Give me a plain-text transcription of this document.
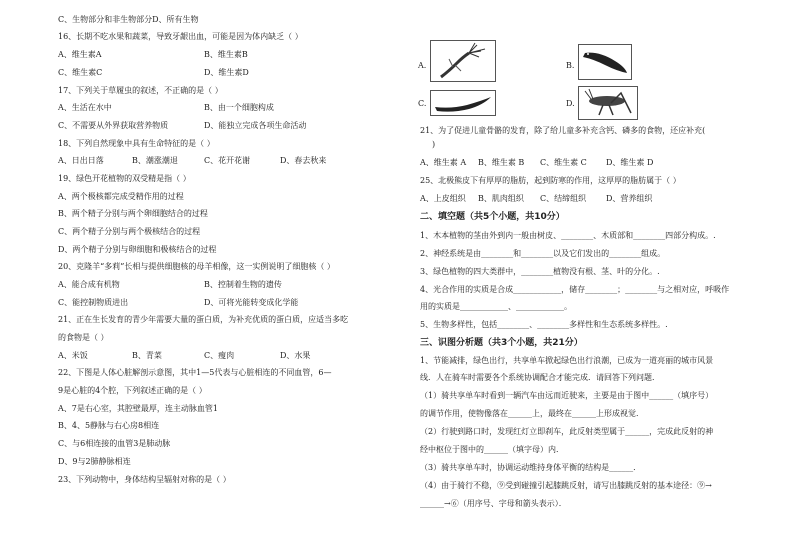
C、生物部分和非生物部分D、所有生物
16、长期不吃水果和蔬菜，导致牙龈出血，可能是因为体内缺乏（ ）
A、维生素A	B、维生素B
C、维生素C	D、维生素D
17、下列关于草履虫的叙述，不正确的是（ ）
A、生活在水中	B、由一个细胞构成
C、不需要从外界获取营养物质	D、能独立完成各项生命活动
18、下列自然现象中具有生命特征的是（ ）
A、日出日落	B、潮涨潮退	C、花开花谢	D、春去秋来
19、绿色开花植物的双受精是指（ ）
A、两个极核都完成受精作用的过程
B、两个精子分别与两个卵细胞结合的过程
C、两个精子分别与两个极核结合的过程
D、两个精子分别与卵细胞和极核结合的过程
20、克隆羊“多莉”长相与提供细胞核的母羊相像，这一实例说明了细胞核（ ）
A、能合成有机物	B、控制着生物的遗传
C、能控制物质进出	D、可将光能转变成化学能
21、正在生长发育的青少年需要大量的蛋白质，为补充优质的蛋白质，应适当多吃
的食物是（ ）
A、米饭	B、青菜	C、瘦肉	D、水果
22、下图是人体心脏解剖示意图，其中1—5代表与心脏相连的不同血管，6—
9是心脏的4个腔，下列叙述正确的是（ ）
A、7是右心室，其腔壁最厚，连主动脉血管1
B、4、5静脉与右心房8相连
C、与6相连接的血管3是肺动脉
D、9与2肺静脉相连
23、下列动物中，身体结构呈辐射对称的是（ ）
A.	B.
C.	D.
21、为了促进儿童骨骼的发育，除了给儿童多补充含钙、磷多的食物，还应补充(
)
A、维生素 A B、维生素 B C、维生素 C D、维生素 D
25、北极熊皮下有厚厚的脂肪，起到防寒的作用，这厚厚的脂肪属于（ ）
A、上皮组织 B、肌肉组织 C、结缔组织 D、营养组织
二、填空题（共5个小题，共10分）
1、木本植物的茎由外到内一般由树皮、________、木质部和________四部分构成。.
2、神经系统是由________和________以及它们发出的________组成。
3、绿色植物的四大类群中，________植物没有根、茎、叶的分化。.
4、光合作用的实质是合成____________，储存________；________与之相对应，呼吸作
用的实质是____________、____________。
5、生物多样性，包括________、________多样性和生态系统多样性。.
三、识图分析题（共3个小题，共21分）
1、节能减排，绿色出行，共享单车掀起绿色出行浪潮，已成为一道亮丽的城市风景
线．人在骑车时需要各个系统协调配合才能完成．请回答下列问题．
（1）骑共享单车时看到一辆汽车由远而近驶来，主要是由于图中______（填序号）
的调节作用，使物像落在______上，最终在______上形成视觉．
（2）行驶到路口时，发现红灯立即刹车，此反射类型属于______，完成此反射的神
经中枢位于图中的______（填字母）内．
（3）骑共享单车时，协调运动维持身体平衡的结构是______．
（4）由于骑行不稳，⑨受到碰撞引起膝跳反射，请写出膝跳反射的基本途径：⑨→
______→⑥（用序号、字母和箭头表示）．
